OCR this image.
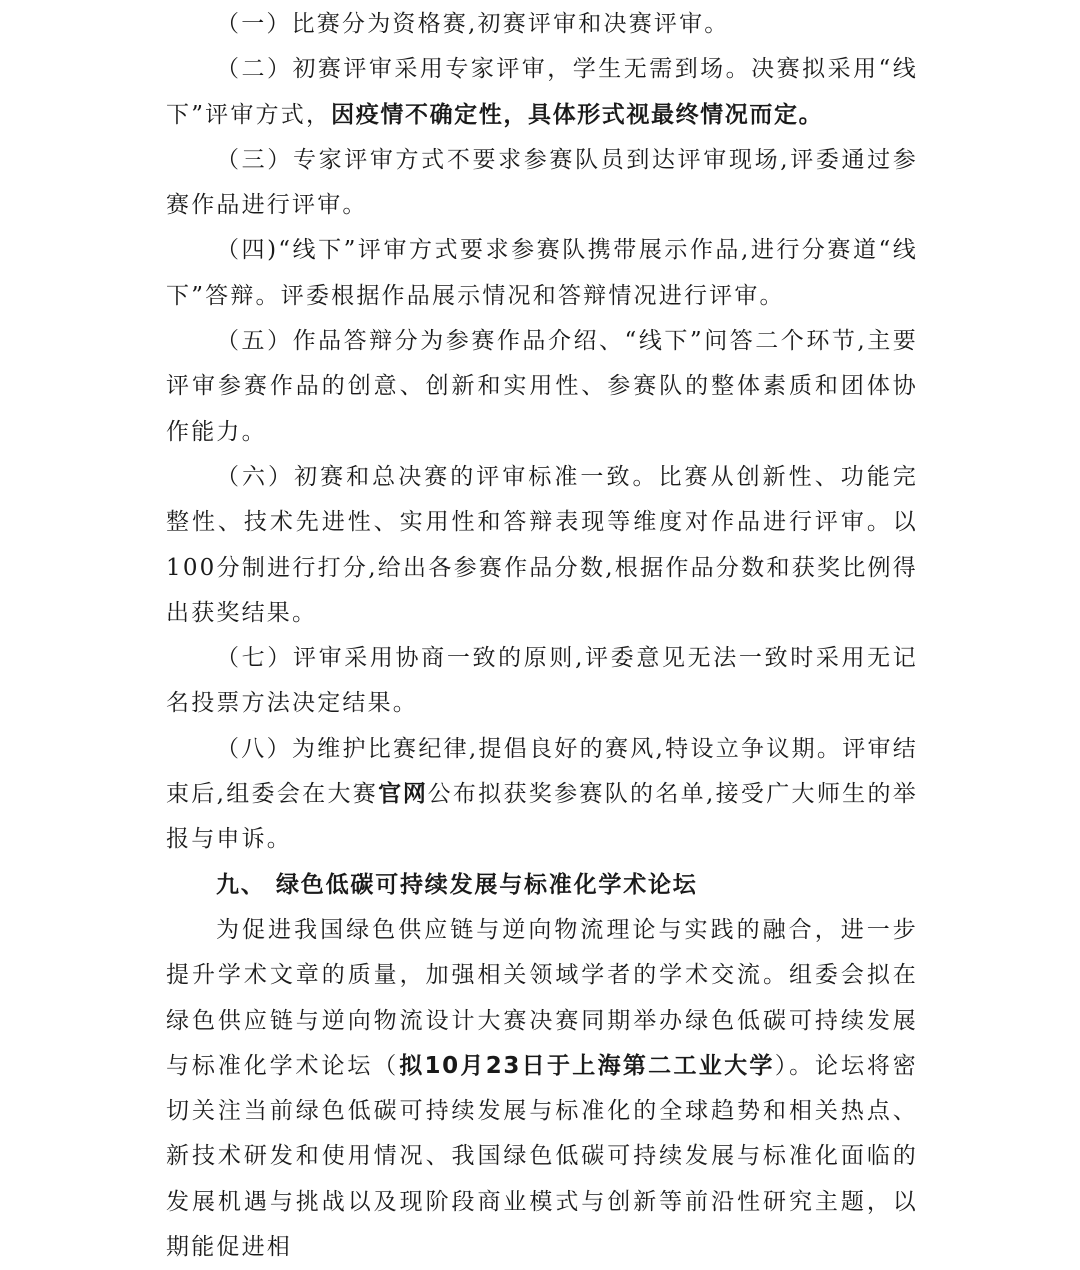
（一）比赛分为资格赛,初赛评审和决赛评审。

（二）初赛评审采用专家评审，学生无需到场。决赛拟采用“线下”评审方式，因疫情不确定性，具体形式视最终情况而定。

（三）专家评审方式不要求参赛队员到达评审现场,评委通过参赛作品进行评审。

（四)“线下”评审方式要求参赛队携带展示作品,进行分赛道“线下”答辩。评委根据作品展示情况和答辩情况进行评审。

（五）作品答辩分为参赛作品介绍、“线下”问答二个环节,主要评审参赛作品的创意、创新和实用性、参赛队的整体素质和团体协作能力。

（六）初赛和总决赛的评审标准一致。比赛从创新性、功能完整性、技术先进性、实用性和答辩表现等维度对作品进行评审。以100分制进行打分,给出各参赛作品分数,根据作品分数和获奖比例得出获奖结果。

（七）评审采用协商一致的原则,评委意见无法一致时采用无记名投票方法决定结果。

（八）为维护比赛纪律,提倡良好的赛风,特设立争议期。评审结束后,组委会在大赛官网公布拟获奖参赛队的名单,接受广大师生的举报与申诉。

九、 绿色低碳可持续发展与标准化学术论坛

为促进我国绿色供应链与逆向物流理论与实践的融合，进一步提升学术文章的质量，加强相关领域学者的学术交流。组委会拟在绿色供应链与逆向物流设计大赛决赛同期举办绿色低碳可持续发展与标准化学术论坛（拟10月23日于上海第二工业大学）。论坛将密切关注当前绿色低碳可持续发展与标准化的全球趋势和相关热点、新技术研发和使用情况、我国绿色低碳可持续发展与标准化面临的发展机遇与挑战以及现阶段商业模式与创新等前沿性研究主题，以期能促进相
